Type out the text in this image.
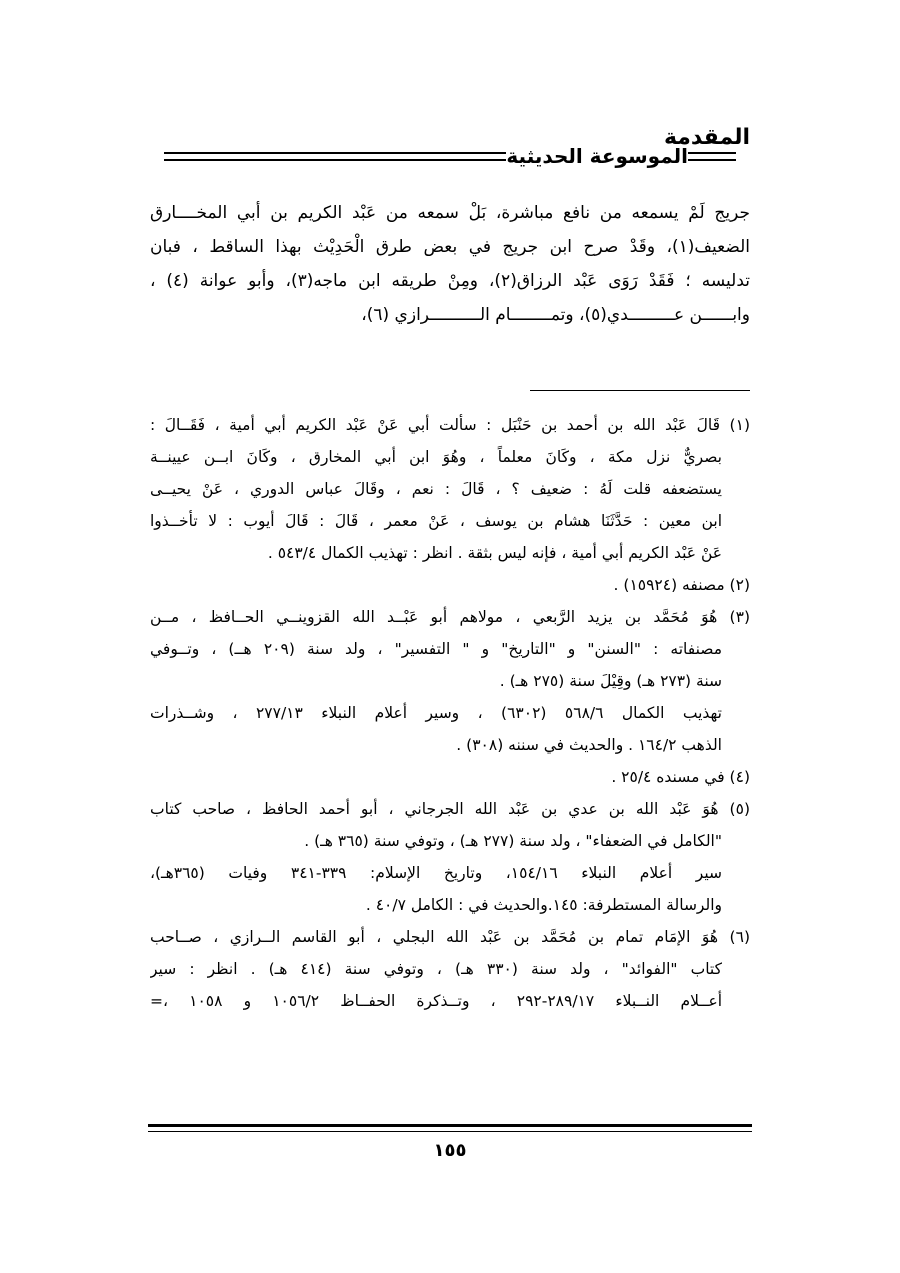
المقدمة
الموسوعة الحديثية
جريج لَمْ يسمعه من نافع مباشرة، بَلْ سمعه من عَبْد الكريم بن أبي المخــــارق
الضعيف(١)، وقَدْ صرح ابن جريج في بعض طرق الْحَدِيْث بهذا الساقط ، فبان
تدليسه ؛ فَقَدْ رَوَى عَبْد الرزاق(٢)، ومِنْ طريقه ابن ماجه(٣)، وأبو عوانة (٤) ،
وابــــــن عـــــــــدي(٥)، وتمــــــــام الــــــــــرازي (٦)،
(١) قَالَ عَبْد الله بن أحمد بن حَنْبَل : سألت أبي عَنْ عَبْد الكريم أبي أمية ، فَقَــالَ :
بصريٌّ نزل مكة ، وكَانَ معلماً ، وهُوَ ابن أبي المخارق ، وكَانَ ابــن عيينــة
يستضعفه قلت لَهُ : ضعيف ؟ ، قَالَ : نعم ، وقَالَ عباس الدوري ، عَنْ يحيــى
ابن معين : حَدَّثَنَا هشام بن يوسف ، عَنْ معمر ، قَالَ : قَالَ أيوب : لا تأخــذوا
عَنْ عَبْد الكريم أبي أمية ، فإنه ليس بثقة . انظر : تهذيب الكمال ٥٤٣/٤ .
(٢) مصنفه (١٥٩٢٤) .
(٣) هُوَ مُحَمَّد بن يزيد الرَّبعي ، مولاهم أبو عَبْــد الله القزوينــي الحــافظ ، مــن
مصنفاته : "السنن" و "التاريخ" و " التفسير" ، ولد سنة (٢٠٩ هــ) ، وتــوفي
سنة (٢٧٣ هـ) وقِيْلَ سنة (٢٧٥ هـ) .
تهذيب الكمال ٥٦٨/٦ (٦٣٠٢) ، وسير أعلام النبلاء ٢٧٧/١٣ ، وشــذرات
الذهب ١٦٤/٢ . والحديث في سننه (٣٠٨) .
(٤) في مسنده ٢٥/٤ .
(٥) هُوَ عَبْد الله بن عدي بن عَبْد الله الجرجاني ، أبو أحمد الحافظ ، صاحب كتاب
"الكامل في الضعفاء" ، ولد سنة (٢٧٧ هـ) ، وتوفي سنة (٣٦٥ هـ) .
سير أعلام النبلاء ١٥٤/١٦، وتاريخ الإسلام: ٣٣٩-٣٤١ وفيات (٣٦٥هـ)،
والرسالة المستطرفة: ١٤٥.والحديث في : الكامل ٤٠/٧ .
(٦) هُوَ الإمَام تمام بن مُحَمَّد بن عَبْد الله البجلي ، أبو القاسم الــرازي ، صــاحب
كتاب "الفوائد" ، ولد سنة (٣٣٠ هـ) ، وتوفي سنة (٤١٤ هـ) . انظر : سير
أعــلام النــبلاء ٢٨٩/١٧-٢٩٢ ، وتــذكرة الحفــاظ ١٠٥٦/٢ و ١٠٥٨ ،=
١٥٥
